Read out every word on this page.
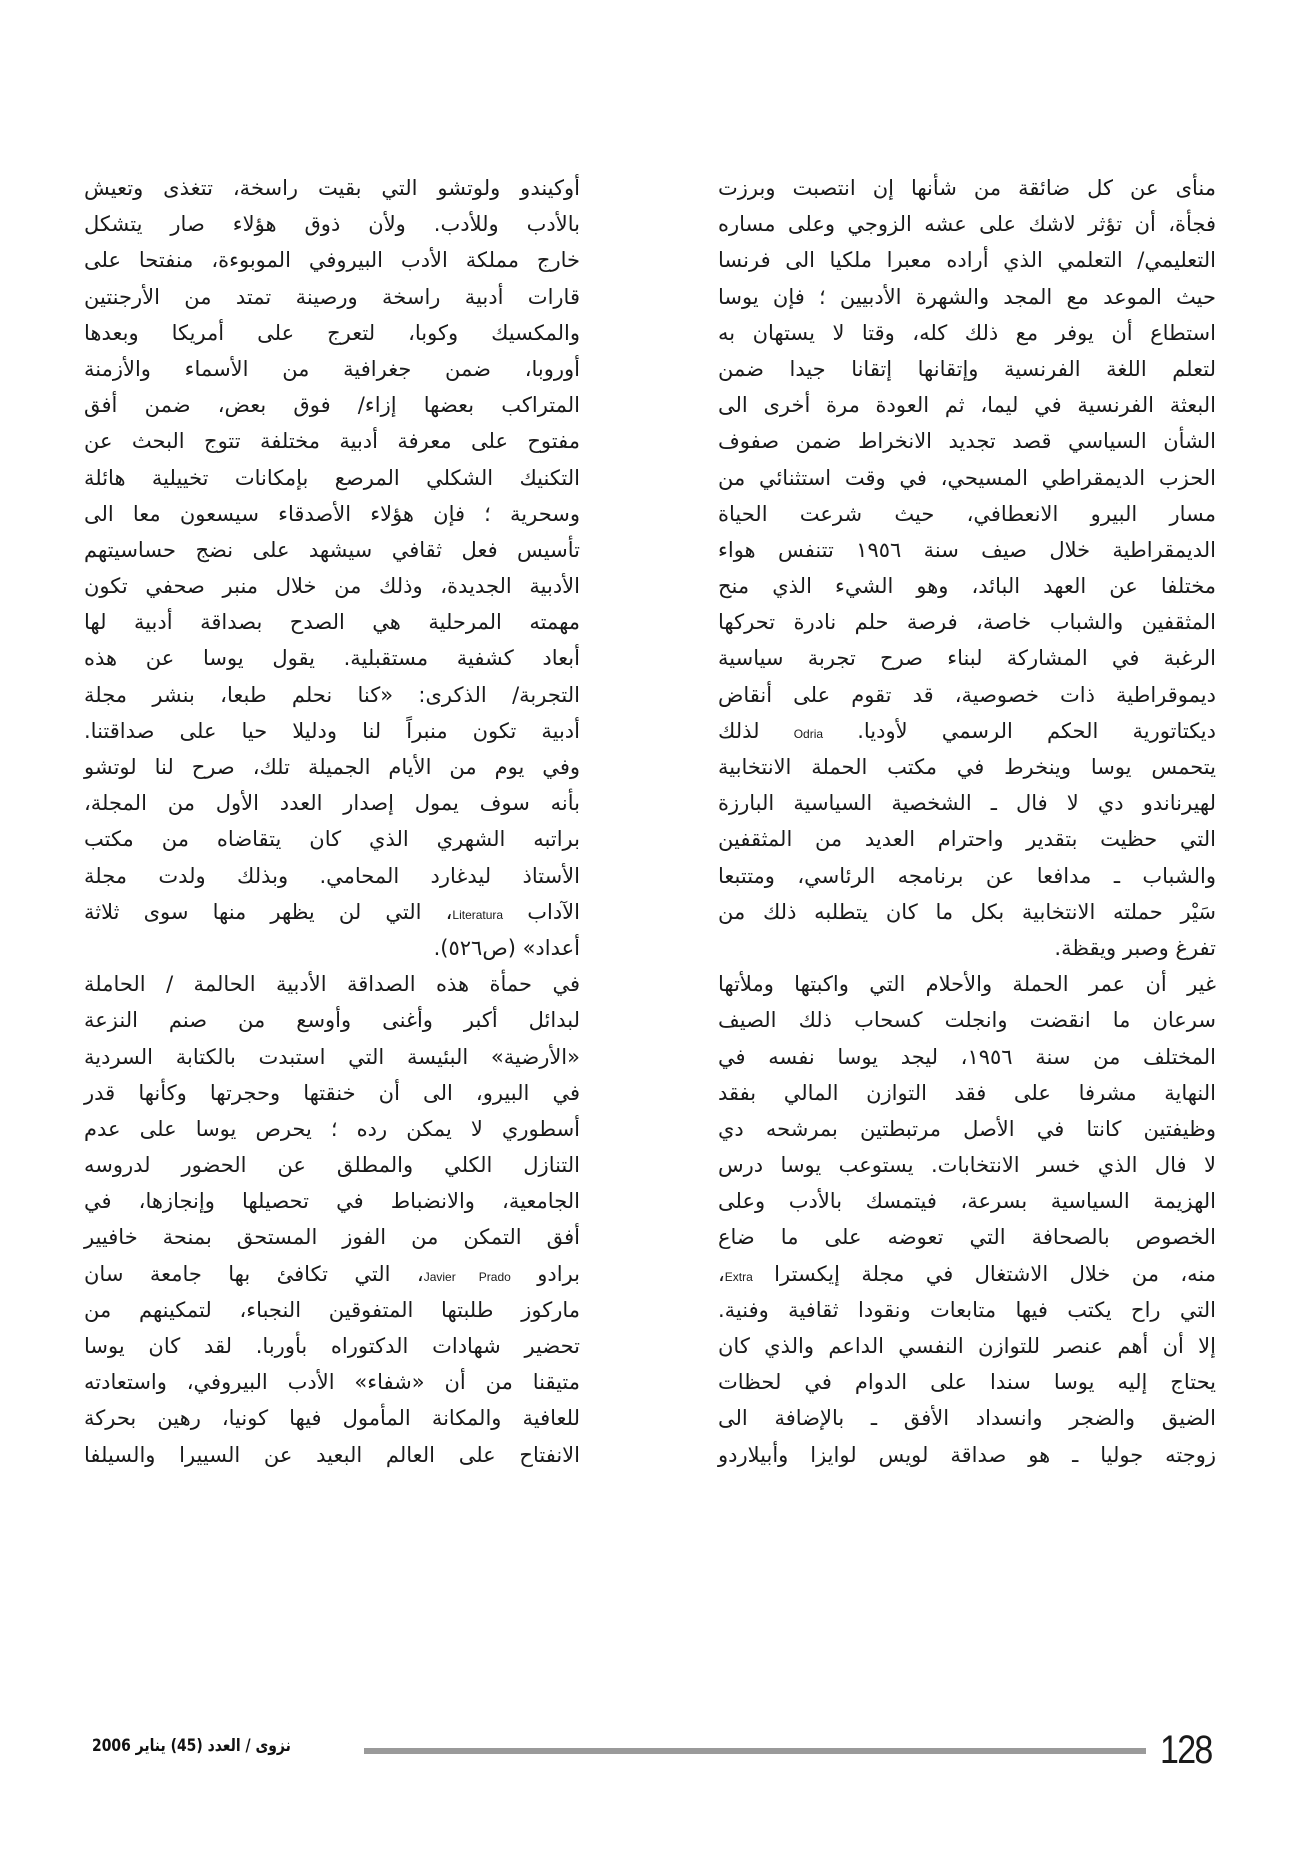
منأى عن كل ضائقة من شأنها إن انتصبت وبرزت
فجأة، أن تؤثر لاشك على عشه الزوجي وعلى مساره
التعليمي/ التعلمي الذي أراده معبرا ملكيا الى فرنسا
حيث الموعد مع المجد والشهرة الأدبيين ؛ فإن يوسا
استطاع أن يوفر مع ذلك كله، وقتا لا يستهان به
لتعلم اللغة الفرنسية وإتقانها إتقانا جيدا ضمن
البعثة الفرنسية في ليما، ثم العودة مرة أخرى الى
الشأن السياسي قصد تجديد الانخراط ضمن صفوف
الحزب الديمقراطي المسيحي، في وقت استثنائي من
مسار البيرو الانعطافي، حيث شرعت الحياة
الديمقراطية خلال صيف سنة ١٩٥٦ تتنفس هواء
مختلفا عن العهد البائد، وهو الشيء الذي منح
المثقفين والشباب خاصة، فرصة حلم نادرة تحركها
الرغبة في المشاركة لبناء صرح تجربة سياسية
ديموقراطية ذات خصوصية، قد تقوم على أنقاض
ديكتاتورية الحكم الرسمي لأوديا. Odria لذلك
يتحمس يوسا وينخرط في مكتب الحملة الانتخابية
لهيرناندو دي لا فال ـ الشخصية السياسية البارزة
التي حظيت بتقدير واحترام العديد من المثقفين
والشباب ـ مدافعا عن برنامجه الرئاسي، ومتتبعا
سَيْر حملته الانتخابية بكل ما كان يتطلبه ذلك من
تفرغ وصبر ويقظة.
غير أن عمر الحملة والأحلام التي واكبتها وملأتها
سرعان ما انقضت وانجلت كسحاب ذلك الصيف
المختلف من سنة ١٩٥٦، ليجد يوسا نفسه في
النهاية مشرفا على فقد التوازن المالي بفقد
وظيفتين كانتا في الأصل مرتبطتين بمرشحه دي
لا فال الذي خسر الانتخابات. يستوعب يوسا درس
الهزيمة السياسية بسرعة، فيتمسك بالأدب وعلى
الخصوص بالصحافة التي تعوضه على ما ضاع
منه، من خلال الاشتغال في مجلة إيكسترا Extra،
التي راح يكتب فيها متابعات ونقودا ثقافية وفنية.
إلا أن أهم عنصر للتوازن النفسي الداعم والذي كان
يحتاج إليه يوسا سندا على الدوام في لحظات
الضيق والضجر وانسداد الأفق ـ بالإضافة الى
زوجته جوليا ـ هو صداقة لويس لوايزا وأبيلاردو
أوكيندو ولوتشو التي بقيت راسخة، تتغذى وتعيش
بالأدب وللأدب. ولأن ذوق هؤلاء صار يتشكل
خارج مملكة الأدب البيروفي الموبوءة، منفتحا على
قارات أدبية راسخة ورصينة تمتد من الأرجنتين
والمكسيك وكوبا، لتعرج على أمريكا وبعدها
أوروبا، ضمن جغرافية من الأسماء والأزمنة
المتراكب بعضها إزاء/ فوق بعض، ضمن أفق
مفتوح على معرفة أدبية مختلفة تتوج البحث عن
التكنيك الشكلي المرصع بإمكانات تخييلية هائلة
وسحرية ؛ فإن هؤلاء الأصدقاء سيسعون معا الى
تأسيس فعل ثقافي سيشهد على نضج حساسيتهم
الأدبية الجديدة، وذلك من خلال منبر صحفي تكون
مهمته المرحلية هي الصدح بصداقة أدبية لها
أبعاد كشفية مستقبلية. يقول يوسا عن هذه
التجربة/ الذكرى: «كنا نحلم طبعا، بنشر مجلة
أدبية تكون منبراً لنا ودليلا حيا على صداقتنا.
وفي يوم من الأيام الجميلة تلك، صرح لنا لوتشو
بأنه سوف يمول إصدار العدد الأول من المجلة،
براتبه الشهري الذي كان يتقاضاه من مكتب
الأستاذ ليدغارد المحامي. وبذلك ولدت مجلة
الآداب Literatura، التي لن يظهر منها سوى ثلاثة
أعداد» (ص٥٢٦).
في حمأة هذه الصداقة الأدبية الحالمة / الحاملة
لبدائل أكبر وأغنى وأوسع من صنم النزعة
«الأرضية» البئيسة التي استبدت بالكتابة السردية
في البيرو، الى أن خنقتها وحجرتها وكأنها قدر
أسطوري لا يمكن رده ؛ يحرص يوسا على عدم
التنازل الكلي والمطلق عن الحضور لدروسه
الجامعية، والانضباط في تحصيلها وإنجازها، في
أفق التمكن من الفوز المستحق بمنحة خافيير
برادو Javier Prado، التي تكافئ بها جامعة سان
ماركوز طلبتها المتفوقين النجباء، لتمكينهم من
تحضير شهادات الدكتوراه بأوربا. لقد كان يوسا
متيقنا من أن «شفاء» الأدب البيروفي، واستعادته
للعافية والمكانة المأمول فيها كونيا، رهين بحركة
الانفتاح على العالم البعيد عن السييرا والسيلفا
128
نزوى / العدد (45) يناير 2006
